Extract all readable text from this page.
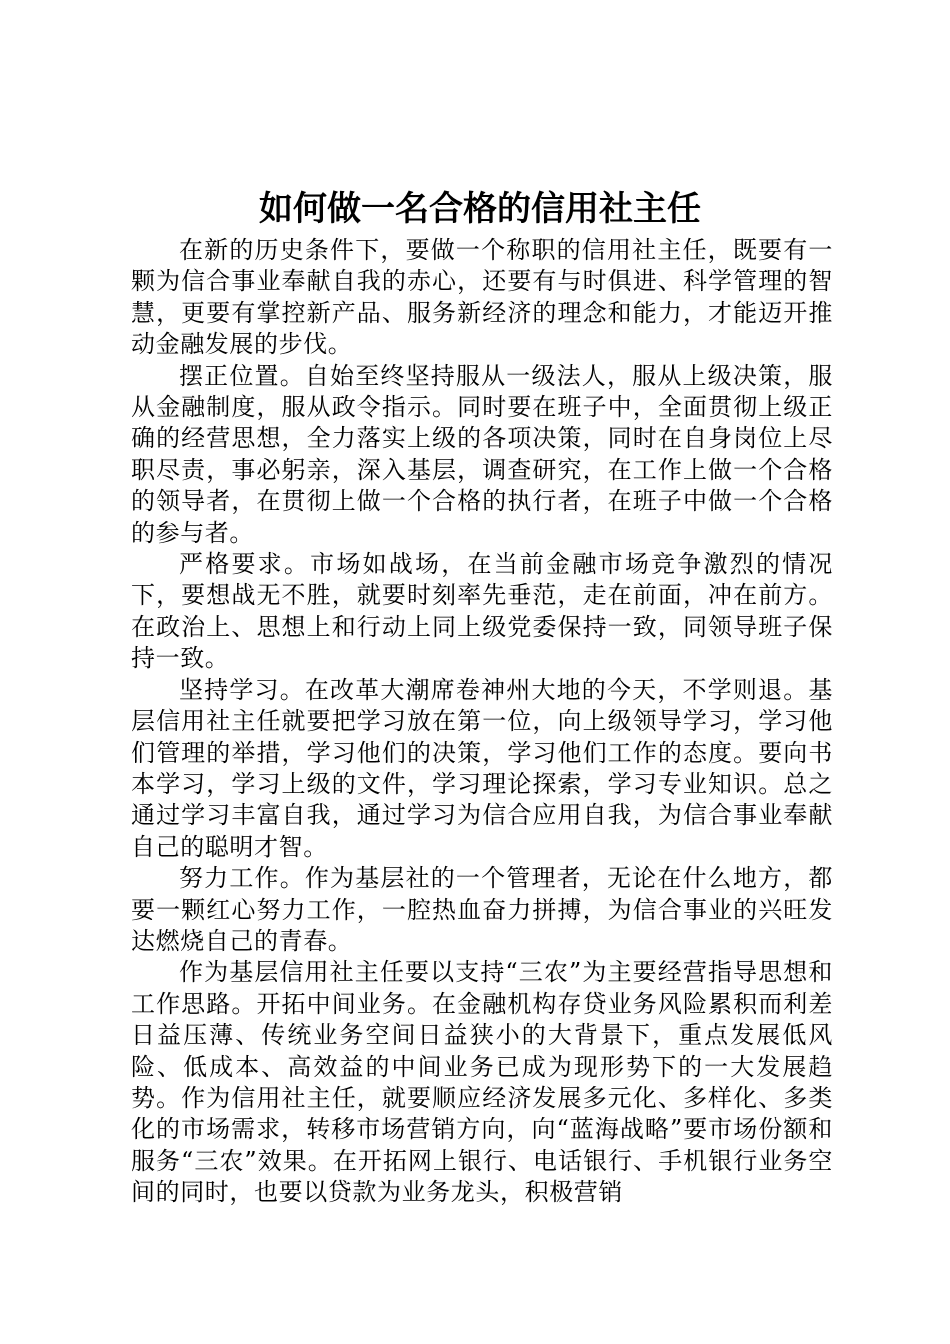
如何做一名合格的信用社主任

在新的历史条件下，要做一个称职的信用社主任，既要有一颗为信合事业奉献自我的赤心，还要有与时俱进、科学管理的智慧，更要有掌控新产品、服务新经济的理念和能力，才能迈开推动金融发展的步伐。

摆正位置。自始至终坚持服从一级法人，服从上级决策，服从金融制度，服从政令指示。同时要在班子中，全面贯彻上级正确的经营思想，全力落实上级的各项决策，同时在自身岗位上尽职尽责，事必躬亲，深入基层，调查研究，在工作上做一个合格的领导者，在贯彻上做一个合格的执行者，在班子中做一个合格的参与者。

严格要求。市场如战场，在当前金融市场竞争激烈的情况下，要想战无不胜，就要时刻率先垂范，走在前面，冲在前方。在政治上、思想上和行动上同上级党委保持一致，同领导班子保持一致。

坚持学习。在改革大潮席卷神州大地的今天，不学则退。基层信用社主任就要把学习放在第一位，向上级领导学习，学习他们管理的举措，学习他们的决策，学习他们工作的态度。要向书本学习，学习上级的文件，学习理论探索，学习专业知识。总之通过学习丰富自我，通过学习为信合应用自我，为信合事业奉献自己的聪明才智。

努力工作。作为基层社的一个管理者，无论在什么地方，都要一颗红心努力工作，一腔热血奋力拼搏，为信合事业的兴旺发达燃烧自己的青春。

作为基层信用社主任要以支持“三农”为主要经营指导思想和工作思路。开拓中间业务。在金融机构存贷业务风险累积而利差日益压薄、传统业务空间日益狭小的大背景下，重点发展低风险、低成本、高效益的中间业务已成为现形势下的一大发展趋势。作为信用社主任，就要顺应经济发展多元化、多样化、多类化的市场需求，转移市场营销方向，向“蓝海战略”要市场份额和服务“三农”效果。在开拓网上银行、电话银行、手机银行业务空间的同时，也要以贷款为业务龙头，积极营销
